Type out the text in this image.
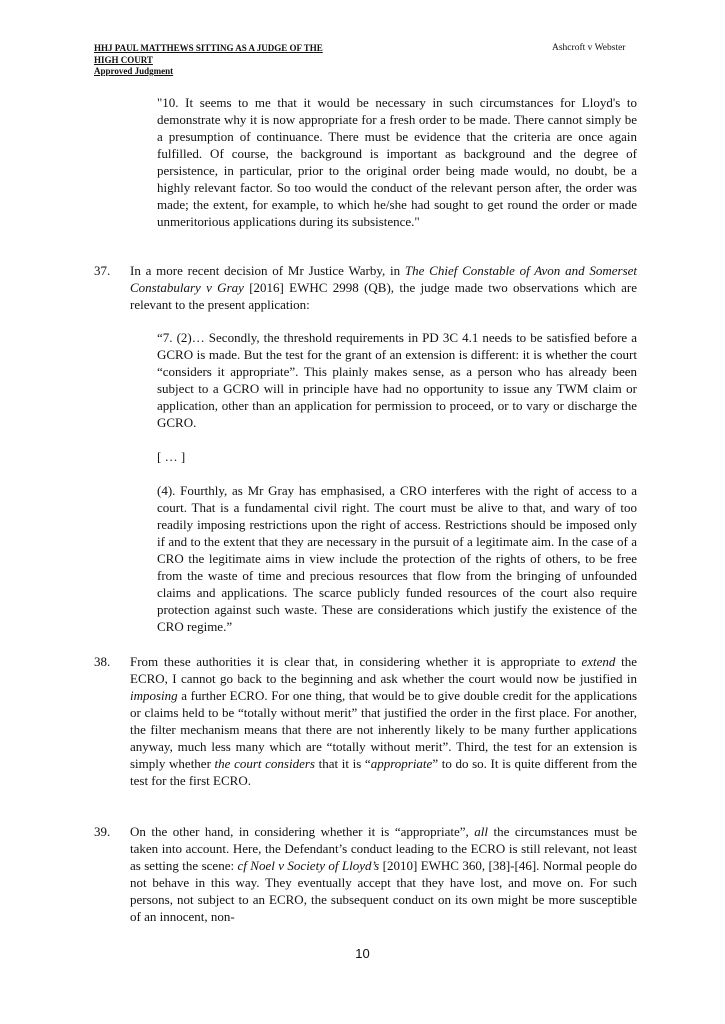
HHJ PAUL MATTHEWS SITTING AS A JUDGE OF THE
HIGH COURT
Approved Judgment
Ashcroft v Webster
"10. It seems to me that it would be necessary in such circumstances for Lloyd's to demonstrate why it is now appropriate for a fresh order to be made. There cannot simply be a presumption of continuance. There must be evidence that the criteria are once again fulfilled. Of course, the background is important as background and the degree of persistence, in particular, prior to the original order being made would, no doubt, be a highly relevant factor. So too would the conduct of the relevant person after, the order was made; the extent, for example, to which he/she had sought to get round the order or made unmeritorious applications during its subsistence."
37.	In a more recent decision of Mr Justice Warby, in The Chief Constable of Avon and Somerset Constabulary v Gray [2016] EWHC 2998 (QB), the judge made two observations which are relevant to the present application:

“7. (2)… Secondly, the threshold requirements in PD 3C 4.1 needs to be satisfied before a GCRO is made. But the test for the grant of an extension is different: it is whether the court “considers it appropriate”. This plainly makes sense, as a person who has already been subject to a GCRO will in principle have had no opportunity to issue any TWM claim or application, other than an application for permission to proceed, or to vary or discharge the GCRO.

[ … ]

(4). Fourthly, as Mr Gray has emphasised, a CRO interferes with the right of access to a court. That is a fundamental civil right. The court must be alive to that, and wary of too readily imposing restrictions upon the right of access. Restrictions should be imposed only if and to the extent that they are necessary in the pursuit of a legitimate aim. In the case of a CRO the legitimate aims in view include the protection of the rights of others, to be free from the waste of time and precious resources that flow from the bringing of unfounded claims and applications. The scarce publicly funded resources of the court also require protection against such waste. These are considerations which justify the existence of the CRO regime.”

38.	From these authorities it is clear that, in considering whether it is appropriate to extend the ECRO, I cannot go back to the beginning and ask whether the court would now be justified in imposing a further ECRO. For one thing, that would be to give double credit for the applications or claims held to be “totally without merit” that justified the order in the first place. For another, the filter mechanism means that there are not inherently likely to be many further applications anyway, much less many which are “totally without merit”. Third, the test for an extension is simply whether the court considers that it is “appropriate” to do so. It is quite different from the test for the first ECRO.
39.	On the other hand, in considering whether it is “appropriate”, all the circumstances must be taken into account. Here, the Defendant’s conduct leading to the ECRO is still relevant, not least as setting the scene: cf Noel v Society of Lloyd’s [2010] EWHC 360, [38]-[46]. Normal people do not behave in this way. They eventually accept that they have lost, and move on. For such persons, not subject to an ECRO, the subsequent conduct on its own might be more susceptible of an innocent, non-
10
